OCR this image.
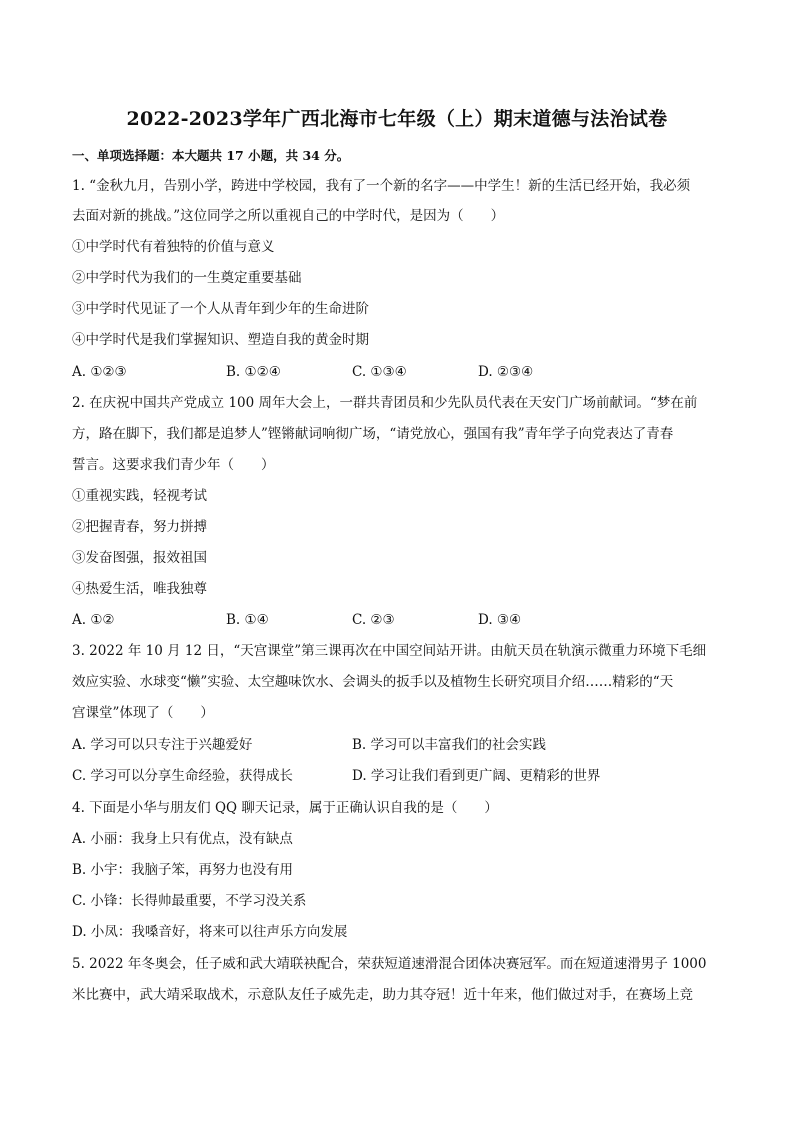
2022-2023学年广西北海市七年级（上）期末道德与法治试卷
一、单项选择题：本大题共 17 小题，共 34 分。
1. “金秋九月，告别小学，跨进中学校园，我有了一个新的名字——中学生！新的生活已经开始，我必须
去面对新的挑战。”这位同学之所以重视自己的中学时代，是因为（　　）
①中学时代有着独特的价值与意义
②中学时代为我们的一生奠定重要基础
③中学时代见证了一个人从青年到少年的生命进阶
④中学时代是我们掌握知识、塑造自我的黄金时期
A. ①②③	B. ①②④	C. ①③④	D. ②③④
2. 在庆祝中国共产党成立 100 周年大会上，一群共青团员和少先队员代表在天安门广场前献词。“梦在前
方，路在脚下，我们都是追梦人”铿锵献词响彻广场，“请党放心，强国有我”青年学子向党表达了青春
誓言。这要求我们青少年（　　）
①重视实践，轻视考试
②把握青春，努力拼搏
③发奋图强，报效祖国
④热爱生活，唯我独尊
A. ①②	B. ①④	C. ②③	D. ③④
3. 2022 年 10 月 12 日，“天宫课堂”第三课再次在中国空间站开讲。由航天员在轨演示微重力环境下毛细
效应实验、水球变“懒”实验、太空趣味饮水、会调头的扳手以及植物生长研究项目介绍……精彩的“天
宫课堂”体现了（　　）
A. 学习可以只专注于兴趣爱好	B. 学习可以丰富我们的社会实践
C. 学习可以分享生命经验，获得成长	D. 学习让我们看到更广阔、更精彩的世界
4. 下面是小华与朋友们 QQ 聊天记录，属于正确认识自我的是（　　）
A. 小丽：我身上只有优点，没有缺点
B. 小宇：我脑子笨，再努力也没有用
C. 小锋：长得帅最重要，不学习没关系
D. 小凤：我嗓音好，将来可以往声乐方向发展
5. 2022 年冬奥会，任子威和武大靖联袂配合，荣获短道速滑混合团体决赛冠军。而在短道速滑男子 1000
米比赛中，武大靖采取战术，示意队友任子威先走，助力其夺冠！近十年来，他们做过对手，在赛场上竞
